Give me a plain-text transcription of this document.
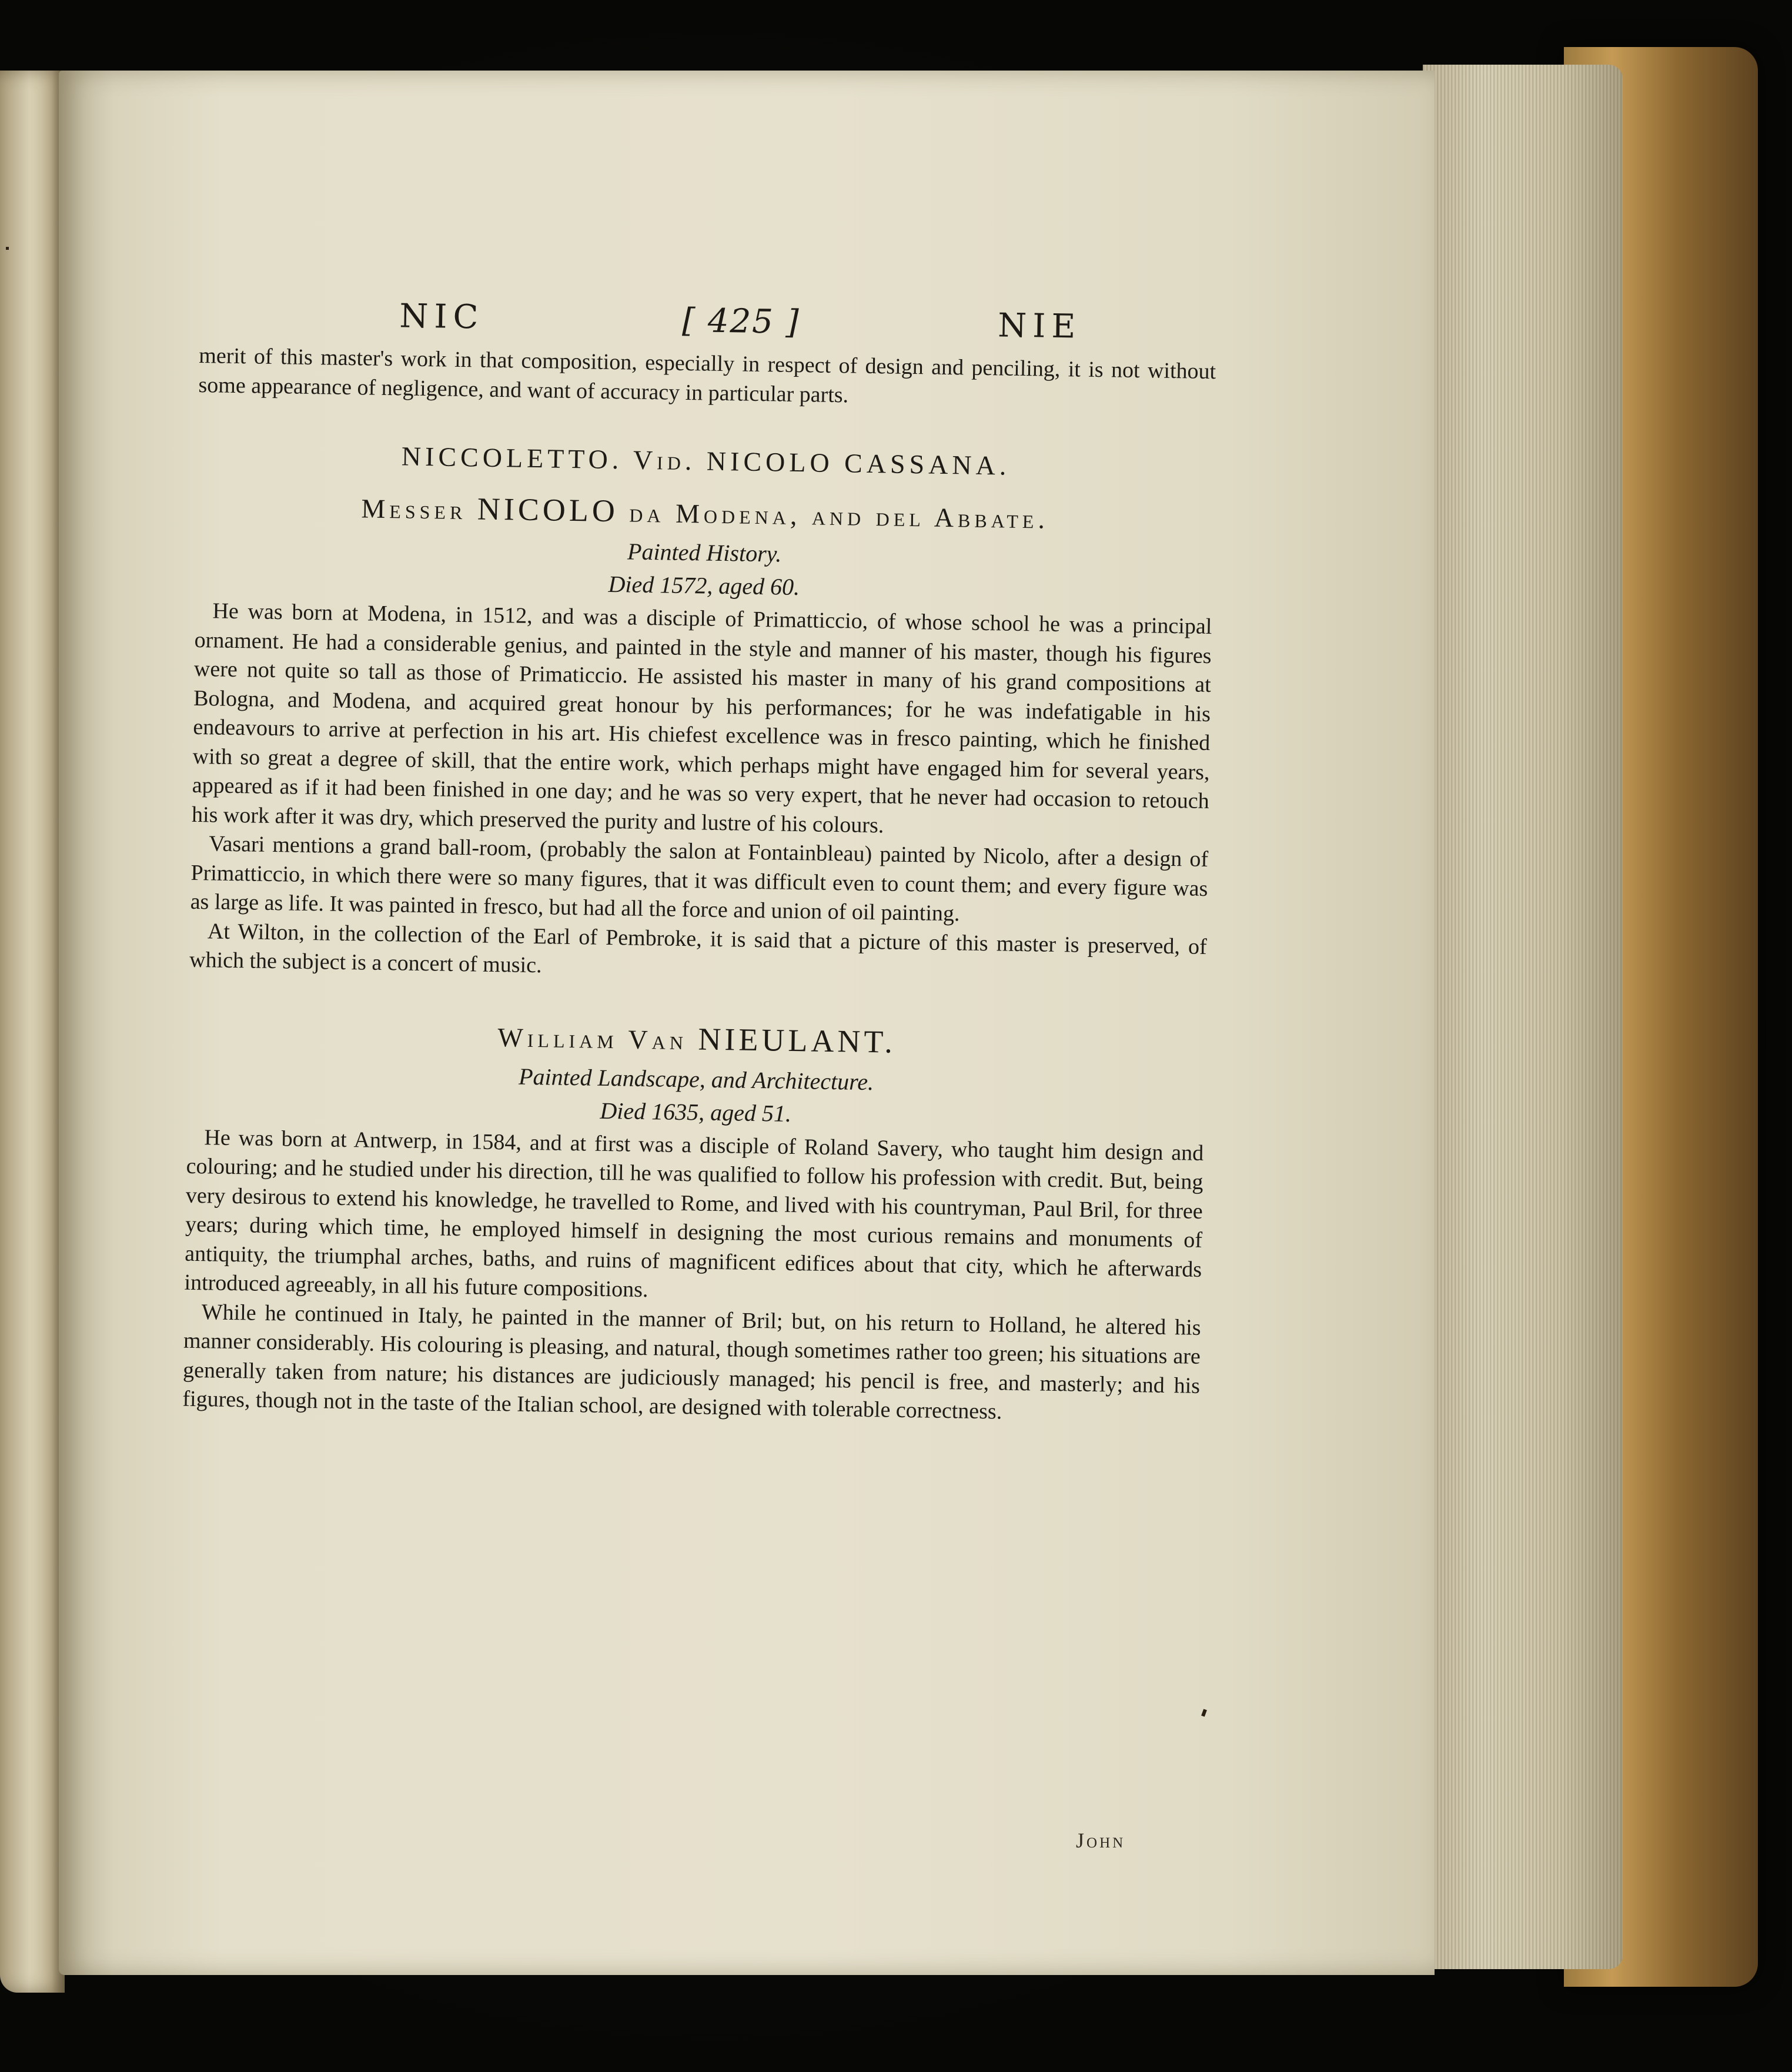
NIC	[ 425 ]	NIE

merit of this master's work in that composition, especially in respect of design and penciling, it is not without some appearance of negligence, and want of accuracy in particular parts.

NICCOLETTO. Vid. NICOLO CASSANA.
Messer NICOLO da Modena, and del Abbate.
Painted History.
Died 1572, aged 60.

He was born at Modena, in 1512, and was a disciple of Primatticcio, of whose school he was a principal ornament. He had a considerable genius, and painted in the style and manner of his master, though his figures were not quite so tall as those of Primaticcio. He assisted his master in many of his grand compositions at Bologna, and Modena, and acquired great honour by his performances; for he was indefatigable in his endeavours to arrive at perfection in his art. His chiefest excellence was in fresco painting, which he finished with so great a degree of skill, that the entire work, which perhaps might have engaged him for several years, appeared as if it had been finished in one day; and he was so very expert, that he never had occasion to retouch his work after it was dry, which preserved the purity and lustre of his colours.

Vasari mentions a grand ball-room, (probably the salon at Fontainbleau) painted by Nicolo, after a design of Primatticcio, in which there were so many figures, that it was difficult even to count them; and every figure was as large as life. It was painted in fresco, but had all the force and union of oil painting.

At Wilton, in the collection of the Earl of Pembroke, it is said that a picture of this master is preserved, of which the subject is a concert of music.

William Van NIEULANT.
Painted Landscape, and Architecture.
Died 1635, aged 51.

He was born at Antwerp, in 1584, and at first was a disciple of Roland Savery, who taught him design and colouring; and he studied under his direction, till he was qualified to follow his profession with credit. But, being very desirous to extend his knowledge, he travelled to Rome, and lived with his countryman, Paul Bril, for three years; during which time, he employed himself in designing the most curious remains and monuments of antiquity, the triumphal arches, baths, and ruins of magnificent edifices about that city, which he afterwards introduced agreeably, in all his future compositions.

While he continued in Italy, he painted in the manner of Bril; but, on his return to Holland, he altered his manner considerably. His colouring is pleasing, and natural, though sometimes rather too green; his situations are generally taken from nature; his distances are judiciously managed; his pencil is free, and masterly; and his figures, though not in the taste of the Italian school, are designed with tolerable correctness.

John
